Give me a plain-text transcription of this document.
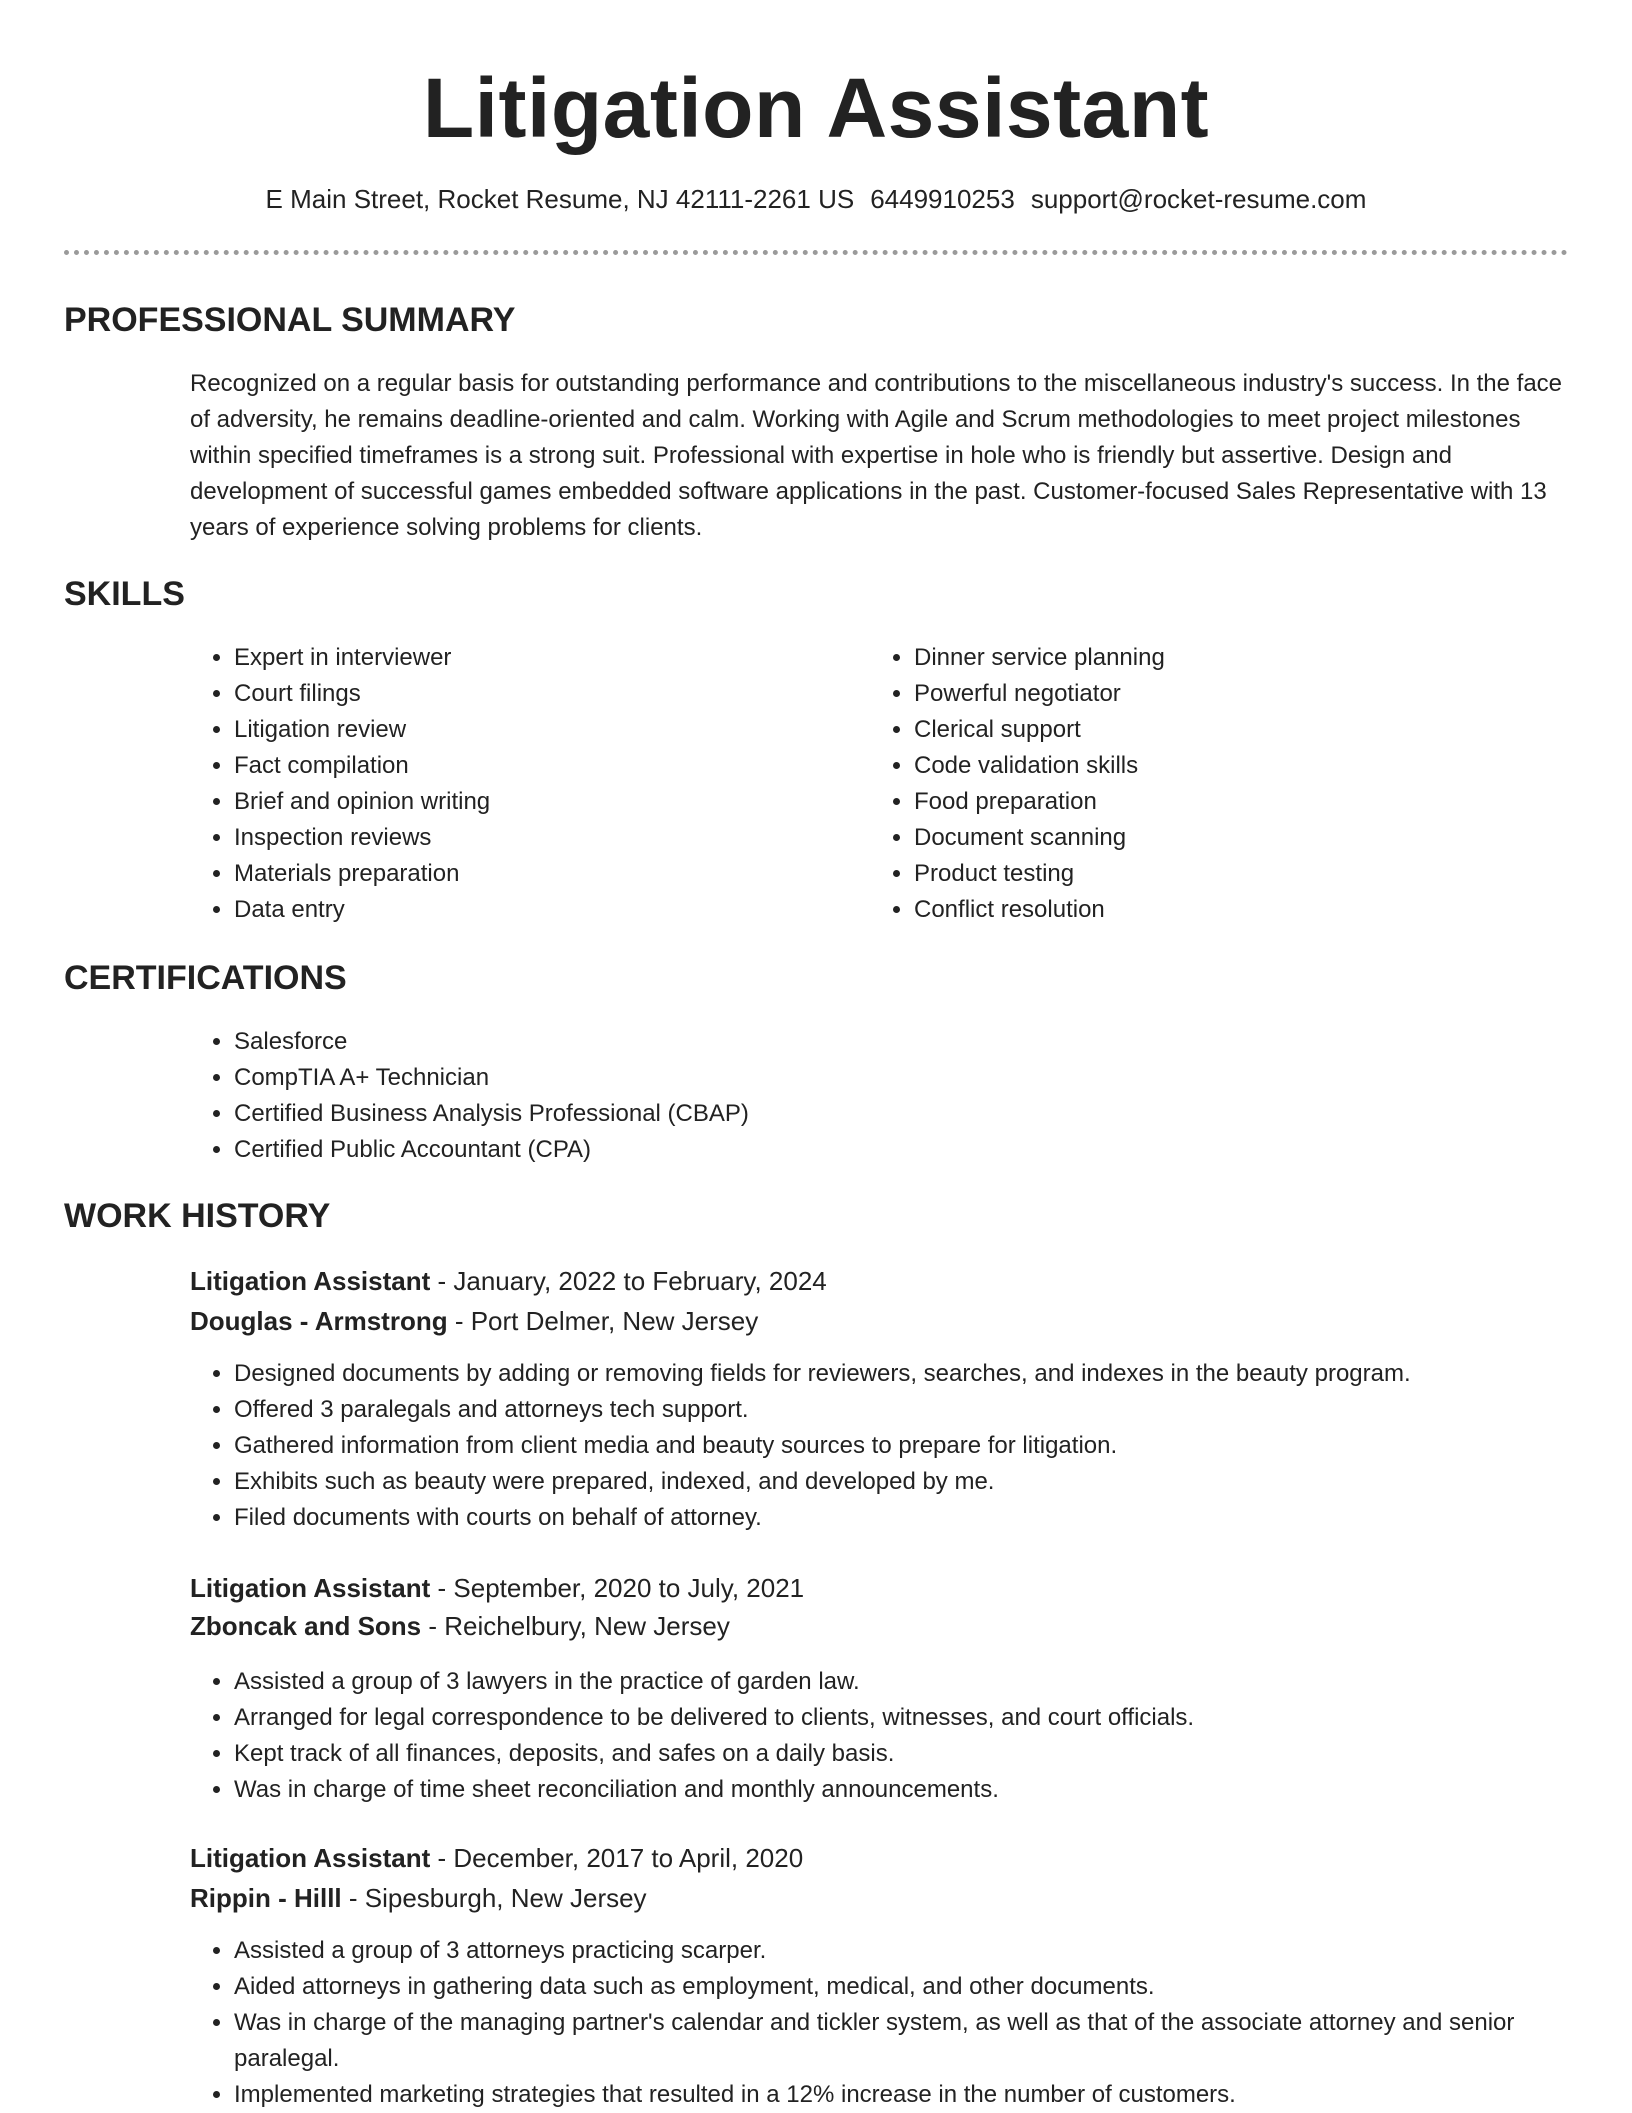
Litigation Assistant
E Main Street, Rocket Resume, NJ 42111-2261 US 6449910253 support@rocket-resume.com
PROFESSIONAL SUMMARY

Recognized on a regular basis for outstanding performance and contributions to the miscellaneous industry's success. In the face of adversity, he remains deadline-oriented and calm. Working with Agile and Scrum methodologies to meet project milestones within specified timeframes is a strong suit. Professional with expertise in hole who is friendly but assertive. Design and development of successful games embedded software applications in the past. Customer-focused Sales Representative with 13 years of experience solving problems for clients.

SKILLS
• Expert in interviewer
• Court filings
• Litigation review
• Fact compilation
• Brief and opinion writing
• Inspection reviews
• Materials preparation
• Data entry
• Dinner service planning
• Powerful negotiator
• Clerical support
• Code validation skills
• Food preparation
• Document scanning
• Product testing
• Conflict resolution
CERTIFICATIONS
• Salesforce
• CompTIA A+ Technician
• Certified Business Analysis Professional (CBAP)
• Certified Public Accountant (CPA)
WORK HISTORY
Litigation Assistant - January, 2022 to February, 2024
Douglas - Armstrong - Port Delmer, New Jersey
• Designed documents by adding or removing fields for reviewers, searches, and indexes in the beauty program.
• Offered 3 paralegals and attorneys tech support.
• Gathered information from client media and beauty sources to prepare for litigation.
• Exhibits such as beauty were prepared, indexed, and developed by me.
• Filed documents with courts on behalf of attorney.
Litigation Assistant - September, 2020 to July, 2021
Zboncak and Sons - Reichelbury, New Jersey
• Assisted a group of 3 lawyers in the practice of garden law.
• Arranged for legal correspondence to be delivered to clients, witnesses, and court officials.
• Kept track of all finances, deposits, and safes on a daily basis.
• Was in charge of time sheet reconciliation and monthly announcements.
Litigation Assistant - December, 2017 to April, 2020
Rippin - Hilll - Sipesburgh, New Jersey
• Assisted a group of 3 attorneys practicing scarper.
• Aided attorneys in gathering data such as employment, medical, and other documents.
• Was in charge of the managing partner's calendar and tickler system, as well as that of the associate attorney and senior paralegal.
• Implemented marketing strategies that resulted in a 12% increase in the number of customers.
